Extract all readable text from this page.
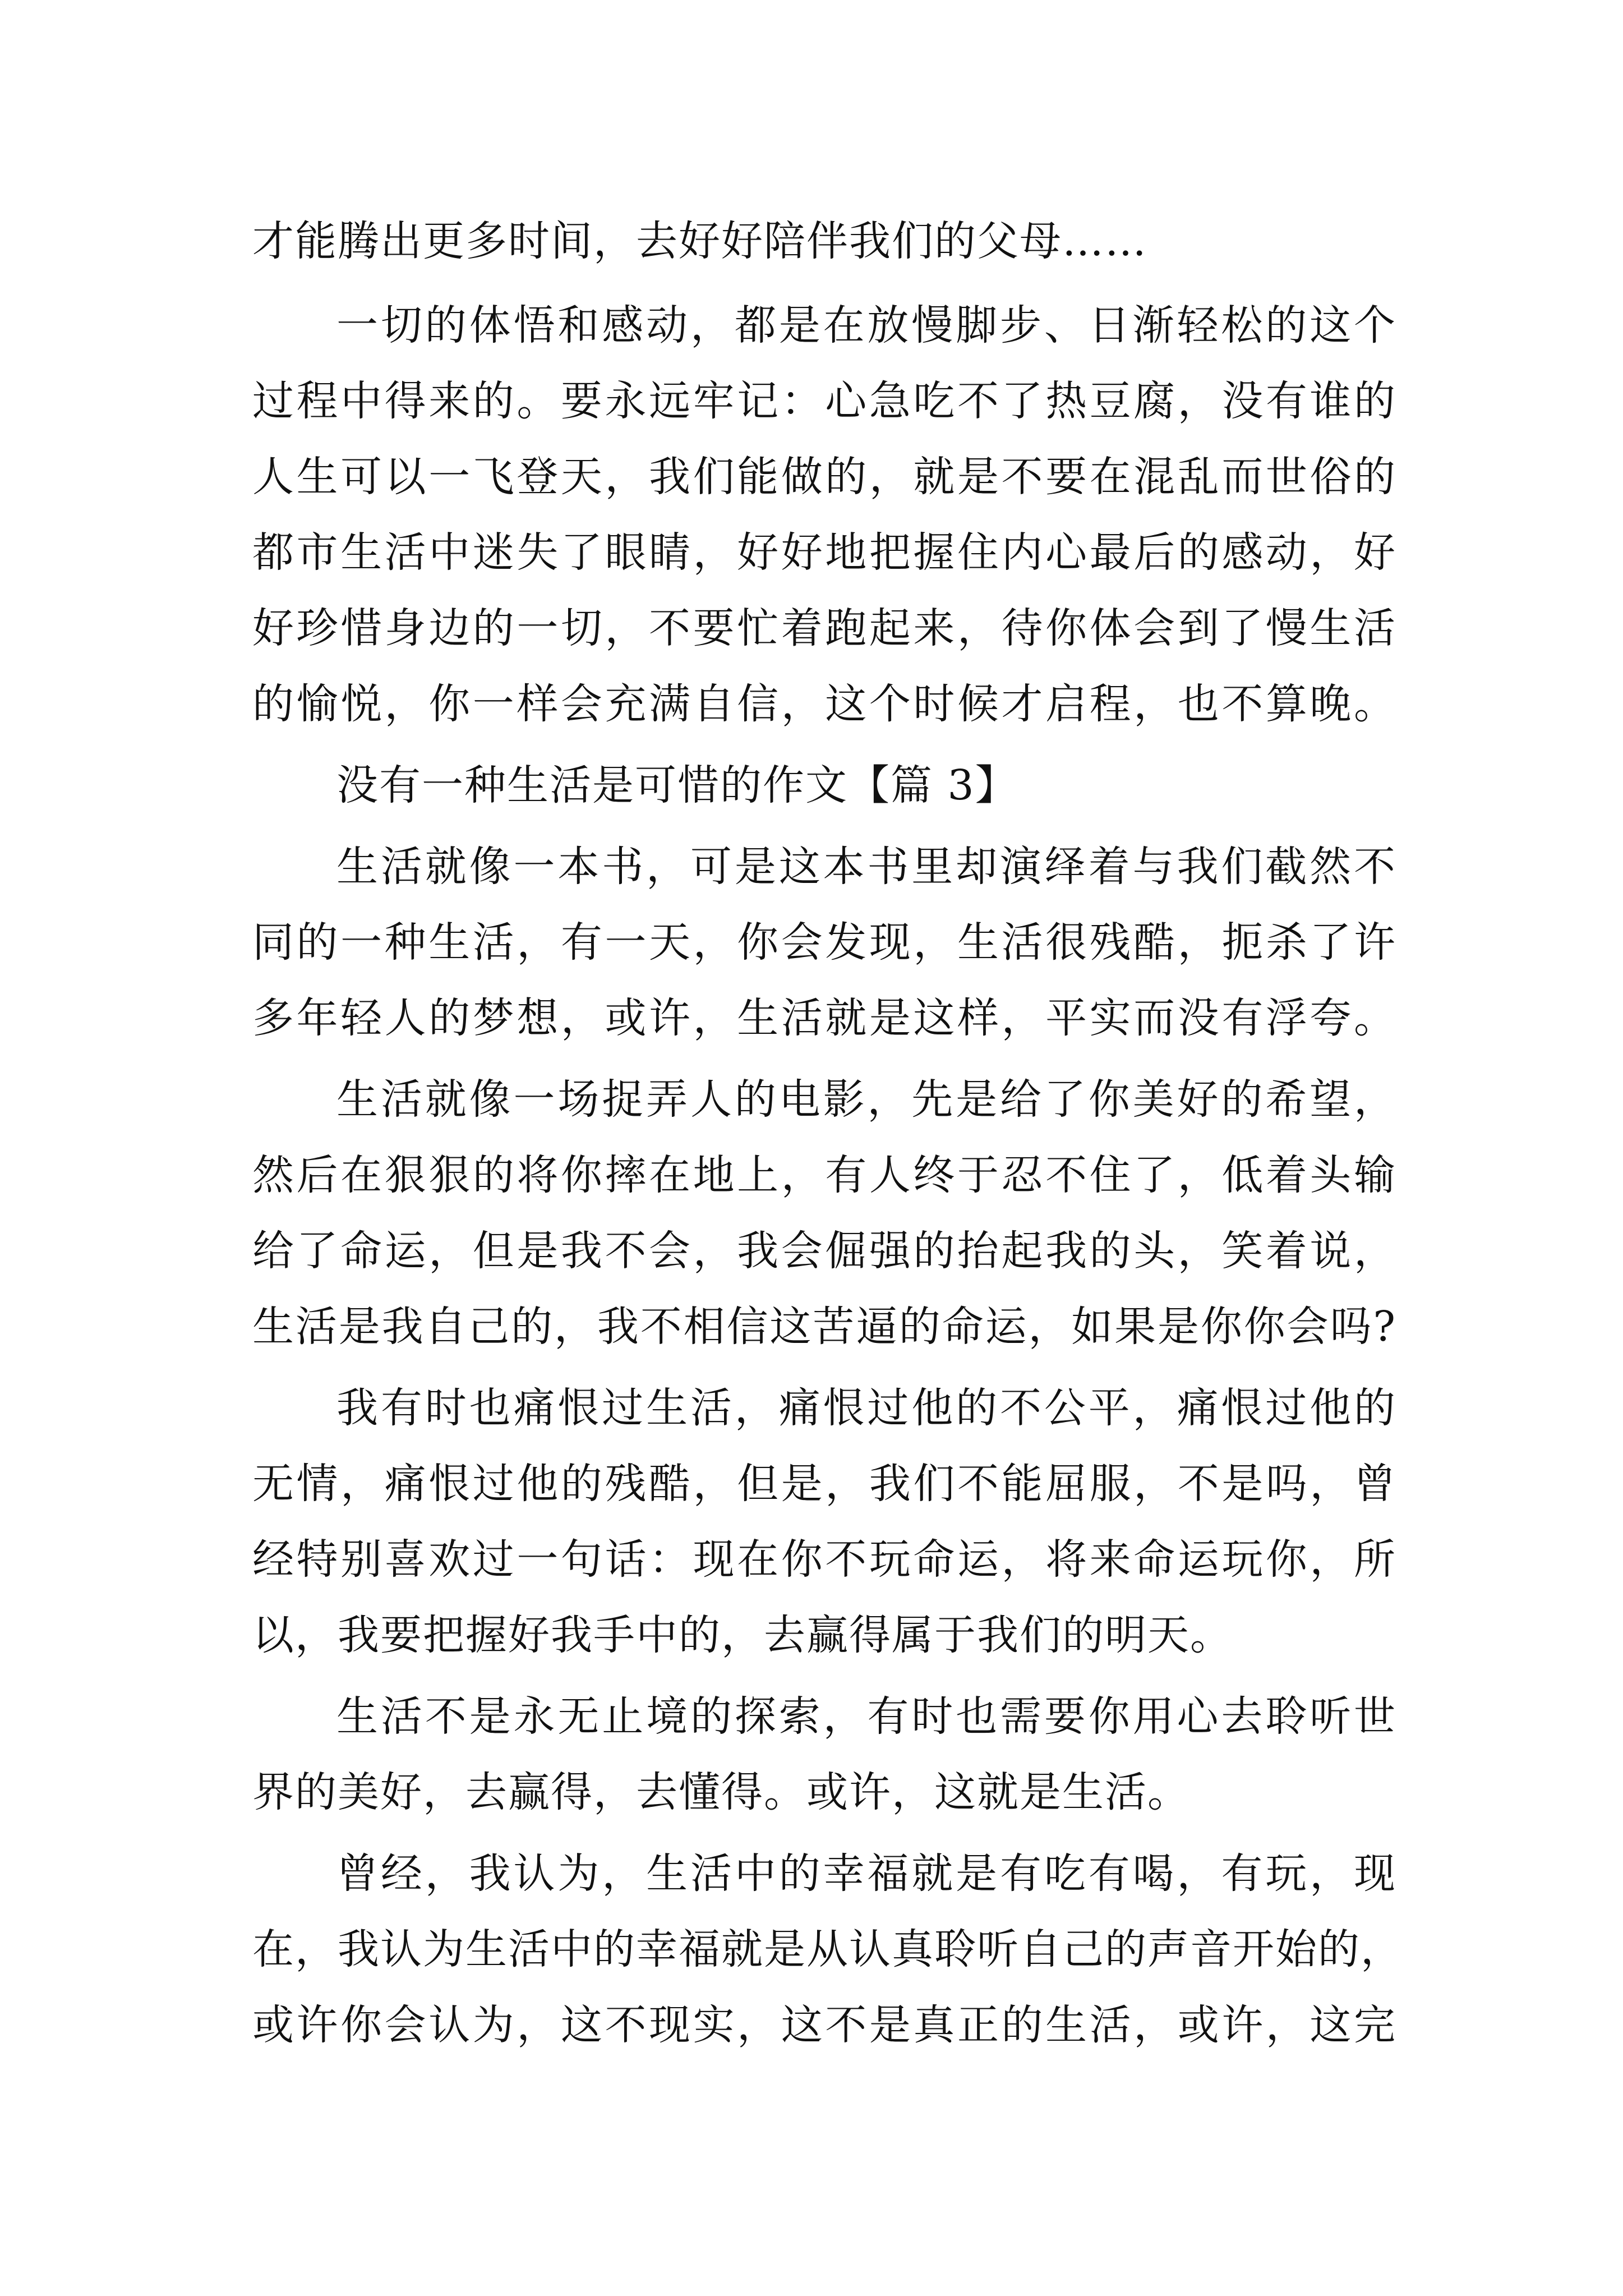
才能腾出更多时间，去好好陪伴我们的父母……
一切的体悟和感动，都是在放慢脚步、日渐轻松的这个
过程中得来的。要永远牢记：心急吃不了热豆腐，没有谁的
人生可以一飞登天，我们能做的，就是不要在混乱而世俗的
都市生活中迷失了眼睛，好好地把握住内心最后的感动，好
好珍惜身边的一切，不要忙着跑起来，待你体会到了慢生活
的愉悦，你一样会充满自信，这个时候才启程，也不算晚。
没有一种生活是可惜的作文【篇 3】
生活就像一本书，可是这本书里却演绎着与我们截然不
同的一种生活，有一天，你会发现，生活很残酷，扼杀了许
多年轻人的梦想，或许，生活就是这样，平实而没有浮夸。
生活就像一场捉弄人的电影，先是给了你美好的希望，
然后在狠狠的将你摔在地上，有人终于忍不住了，低着头输
给了命运，但是我不会，我会倔强的抬起我的头，笑着说，
生活是我自己的，我不相信这苦逼的命运，如果是你你会吗?
我有时也痛恨过生活，痛恨过他的不公平，痛恨过他的
无情，痛恨过他的残酷，但是，我们不能屈服，不是吗，曾
经特别喜欢过一句话：现在你不玩命运，将来命运玩你，所
以，我要把握好我手中的，去赢得属于我们的明天。
生活不是永无止境的探索，有时也需要你用心去聆听世
界的美好，去赢得，去懂得。或许，这就是生活。
曾经，我认为，生活中的幸福就是有吃有喝，有玩，现
在，我认为生活中的幸福就是从认真聆听自己的声音开始的，
或许你会认为，这不现实，这不是真正的生活，或许，这完
